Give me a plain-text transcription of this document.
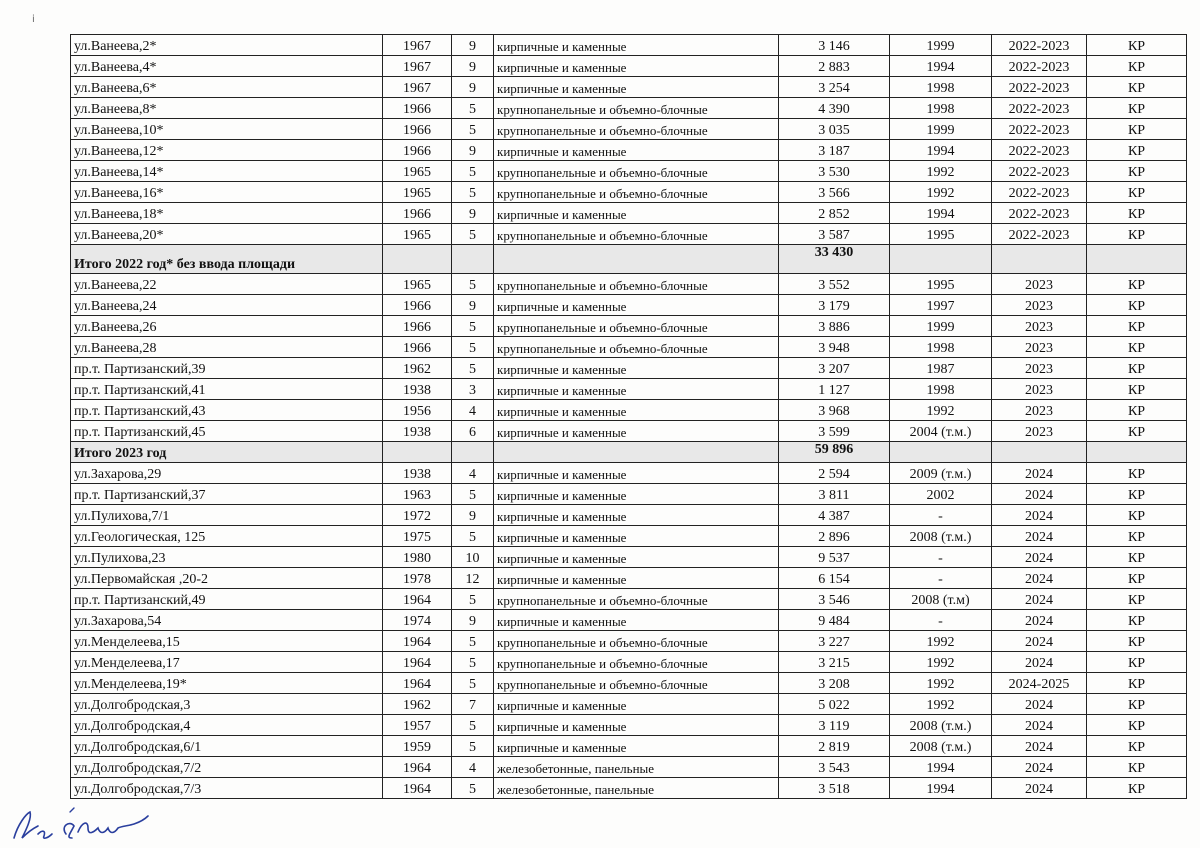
ⅰ
ул.Ванеева,2*	1967	9	кирпичные и каменные	3 146	1999	2022-2023	КР
ул.Ванеева,4*	1967	9	кирпичные и каменные	2 883	1994	2022-2023	КР
ул.Ванеева,6*	1967	9	кирпичные и каменные	3 254	1998	2022-2023	КР
ул.Ванеева,8*	1966	5	крупнопанельные и объемно-блочные	4 390	1998	2022-2023	КР
ул.Ванеева,10*	1966	5	крупнопанельные и объемно-блочные	3 035	1999	2022-2023	КР
ул.Ванеева,12*	1966	9	кирпичные и каменные	3 187	1994	2022-2023	КР
ул.Ванеева,14*	1965	5	крупнопанельные и объемно-блочные	3 530	1992	2022-2023	КР
ул.Ванеева,16*	1965	5	крупнопанельные и объемно-блочные	3 566	1992	2022-2023	КР
ул.Ванеева,18*	1966	9	кирпичные и каменные	2 852	1994	2022-2023	КР
ул.Ванеева,20*	1965	5	крупнопанельные и объемно-блочные	3 587	1995	2022-2023	КР
Итого 2022 год* без ввода площади				33 430			
ул.Ванеева,22	1965	5	крупнопанельные и объемно-блочные	3 552	1995	2023	КР
ул.Ванеева,24	1966	9	кирпичные и каменные	3 179	1997	2023	КР
ул.Ванеева,26	1966	5	крупнопанельные и объемно-блочные	3 886	1999	2023	КР
ул.Ванеева,28	1966	5	крупнопанельные и объемно-блочные	3 948	1998	2023	КР
пр.т. Партизанский,39	1962	5	кирпичные и каменные	3 207	1987	2023	КР
пр.т. Партизанский,41	1938	3	кирпичные и каменные	1 127	1998	2023	КР
пр.т. Партизанский,43	1956	4	кирпичные и каменные	3 968	1992	2023	КР
пр.т. Партизанский,45	1938	6	кирпичные и каменные	3 599	2004 (т.м.)	2023	КР
Итого 2023 год				59 896			
ул.Захарова,29	1938	4	кирпичные и каменные	2 594	2009 (т.м.)	2024	КР
пр.т. Партизанский,37	1963	5	кирпичные и каменные	3 811	2002	2024	КР
ул.Пулихова,7/1	1972	9	кирпичные и каменные	4 387	-	2024	КР
ул.Геологическая, 125	1975	5	кирпичные и каменные	2 896	2008 (т.м.)	2024	КР
ул.Пулихова,23	1980	10	кирпичные и каменные	9 537	-	2024	КР
ул.Первомайская ,20-2	1978	12	кирпичные и каменные	6 154	-	2024	КР
пр.т. Партизанский,49	1964	5	крупнопанельные и объемно-блочные	3 546	2008 (т.м)	2024	КР
ул.Захарова,54	1974	9	кирпичные и каменные	9 484	-	2024	КР
ул.Менделеева,15	1964	5	крупнопанельные и объемно-блочные	3 227	1992	2024	КР
ул.Менделеева,17	1964	5	крупнопанельные и объемно-блочные	3 215	1992	2024	КР
ул.Менделеева,19*	1964	5	крупнопанельные и объемно-блочные	3 208	1992	2024-2025	КР
ул.Долгобродская,3	1962	7	кирпичные и каменные	5 022	1992	2024	КР
ул.Долгобродская,4	1957	5	кирпичные и каменные	3 119	2008 (т.м.)	2024	КР
ул.Долгобродская,6/1	1959	5	кирпичные и каменные	2 819	2008 (т.м.)	2024	КР
ул.Долгобродская,7/2	1964	4	железобетонные, панельные	3 543	1994	2024	КР
ул.Долгобродская,7/3	1964	5	железобетонные, панельные	3 518	1994	2024	КР
